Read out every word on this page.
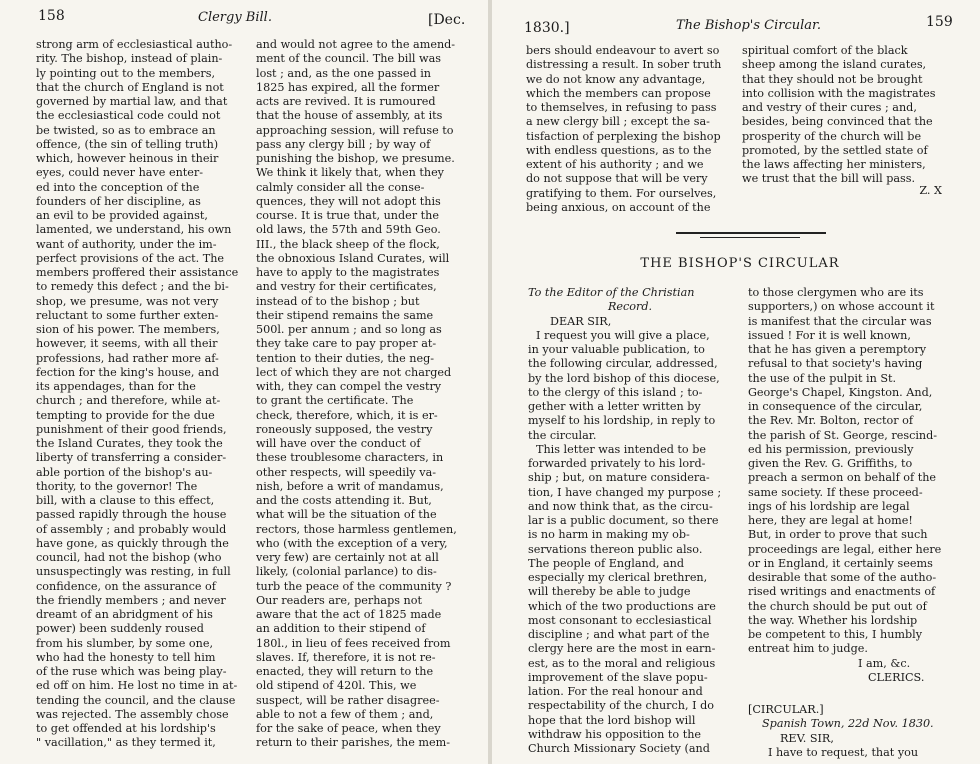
158	Clergy Bill.	[Dec.
strong arm of ecclesiastical autho-
rity. The bishop, instead of plain-
ly pointing out to the members,
that the church of England is not
governed by martial law, and that
the ecclesiastical code could not
be twisted, so as to embrace an
offence, (the sin of telling truth)
which, however heinous in their
eyes, could never have enter-
ed into the conception of the
founders of her discipline, as
an evil to be provided against,
lamented, we understand, his own
want of authority, under the im-
perfect provisions of the act. The
members proffered their assistance
to remedy this defect ; and the bi-
shop, we presume, was not very
reluctant to some further exten-
sion of his power. The members,
however, it seems, with all their
professions, had rather more af-
fection for the king's house, and
its appendages, than for the
church ; and therefore, while at-
tempting to provide for the due
punishment of their good friends,
the Island Curates, they took the
liberty of transferring a consider-
able portion of the bishop's au-
thority, to the governor! The
bill, with a clause to this effect,
passed rapidly through the house
of assembly ; and probably would
have gone, as quickly through the
council, had not the bishop (who
unsuspectingly was resting, in full
confidence, on the assurance of
the friendly members ; and never
dreamt of an abridgment of his
power) been suddenly roused
from his slumber, by some one,
who had the honesty to tell him
of the ruse which was being play-
ed off on him. He lost no time in at-
tending the council, and the clause
was rejected. The assembly chose
to get offended at his lordship's
" vacillation," as they termed it,
and would not agree to the amend-
ment of the council. The bill was
lost ; and, as the one passed in
1825 has expired, all the former
acts are revived. It is rumoured
that the house of assembly, at its
approaching session, will refuse to
pass any clergy bill ; by way of
punishing the bishop, we presume.
We think it likely that, when they
calmly consider all the conse-
quences, they will not adopt this
course. It is true that, under the
old laws, the 57th and 59th Geo.
III., the black sheep of the flock,
the obnoxious Island Curates, will
have to apply to the magistrates
and vestry for their certificates,
instead of to the bishop ; but
their stipend remains the same
500l. per annum ; and so long as
they take care to pay proper at-
tention to their duties, the neg-
lect of which they are not charged
with, they can compel the vestry
to grant the certificate. The
check, therefore, which, it is er-
roneously supposed, the vestry
will have over the conduct of
these troublesome characters, in
other respects, will speedily va-
nish, before a writ of mandamus,
and the costs attending it. But,
what will be the situation of the
rectors, those harmless gentlemen,
who (with the exception of a very,
very few) are certainly not at all
likely, (colonial parlance) to dis-
turb the peace of the community ?
Our readers are, perhaps not
aware that the act of 1825 made
an addition to their stipend of
180l., in lieu of fees received from
slaves. If, therefore, it is not re-
enacted, they will return to the
old stipend of 420l. This, we
suspect, will be rather disagree-
able to not a few of them ; and,
for the sake of peace, when they
return to their parishes, the mem-
1830.]	The Bishop's Circular.	159
bers should endeavour to avert so
distressing a result. In sober truth
we do not know any advantage,
which the members can propose
to themselves, in refusing to pass
a new clergy bill ; except the sa-
tisfaction of perplexing the bishop
with endless questions, as to the
extent of his authority ; and we
do not suppose that will be very
gratifying to them. For ourselves,
being anxious, on account of the
spiritual comfort of the black
sheep among the island curates,
that they should not be brought
into collision with the magistrates
and vestry of their cures ; and,
besides, being convinced that the
prosperity of the church will be
promoted, by the settled state of
the laws affecting her ministers,
we trust that the bill will pass.
Z. X
THE BISHOP'S CIRCULAR
To the Editor of the Christian
Record.
DEAR SIR,
I request you will give a place,
in your valuable publication, to
the following circular, addressed,
by the lord bishop of this diocese,
to the clergy of this island ; to-
gether with a letter written by
myself to his lordship, in reply to
the circular.
This letter was intended to be
forwarded privately to his lord-
ship ; but, on mature considera-
tion, I have changed my purpose ;
and now think that, as the circu-
lar is a public document, so there
is no harm in making my ob-
servations thereon public also.
The people of England, and
especially my clerical brethren,
will thereby be able to judge
which of the two productions are
most consonant to ecclesiastical
discipline ; and what part of the
clergy here are the most in earn-
est, as to the moral and religious
improvement of the slave popu-
lation. For the real honour and
respectability of the church, I do
hope that the lord bishop will
withdraw his opposition to the
Church Missionary Society (and
to those clergymen who are its
supporters,) on whose account it
is manifest that the circular was
issued ! For it is well known,
that he has given a peremptory
refusal to that society's having
the use of the pulpit in St.
George's Chapel, Kingston. And,
in consequence of the circular,
the Rev. Mr. Bolton, rector of
the parish of St. George, rescind-
ed his permission, previously
given the Rev. G. Griffiths, to
preach a sermon on behalf of the
same society. If these proceed-
ings of his lordship are legal
here, they are legal at home!
But, in order to prove that such
proceedings are legal, either here
or in England, it certainly seems
desirable that some of the autho-
rised writings and enactments of
the church should be put out of
the way. Whether his lordship
be competent to this, I humbly
entreat him to judge.
I am, &c.
CLERICS.
[CIRCULAR.]
Spanish Town, 22d Nov. 1830.
REV. SIR,
I have to request, that you
